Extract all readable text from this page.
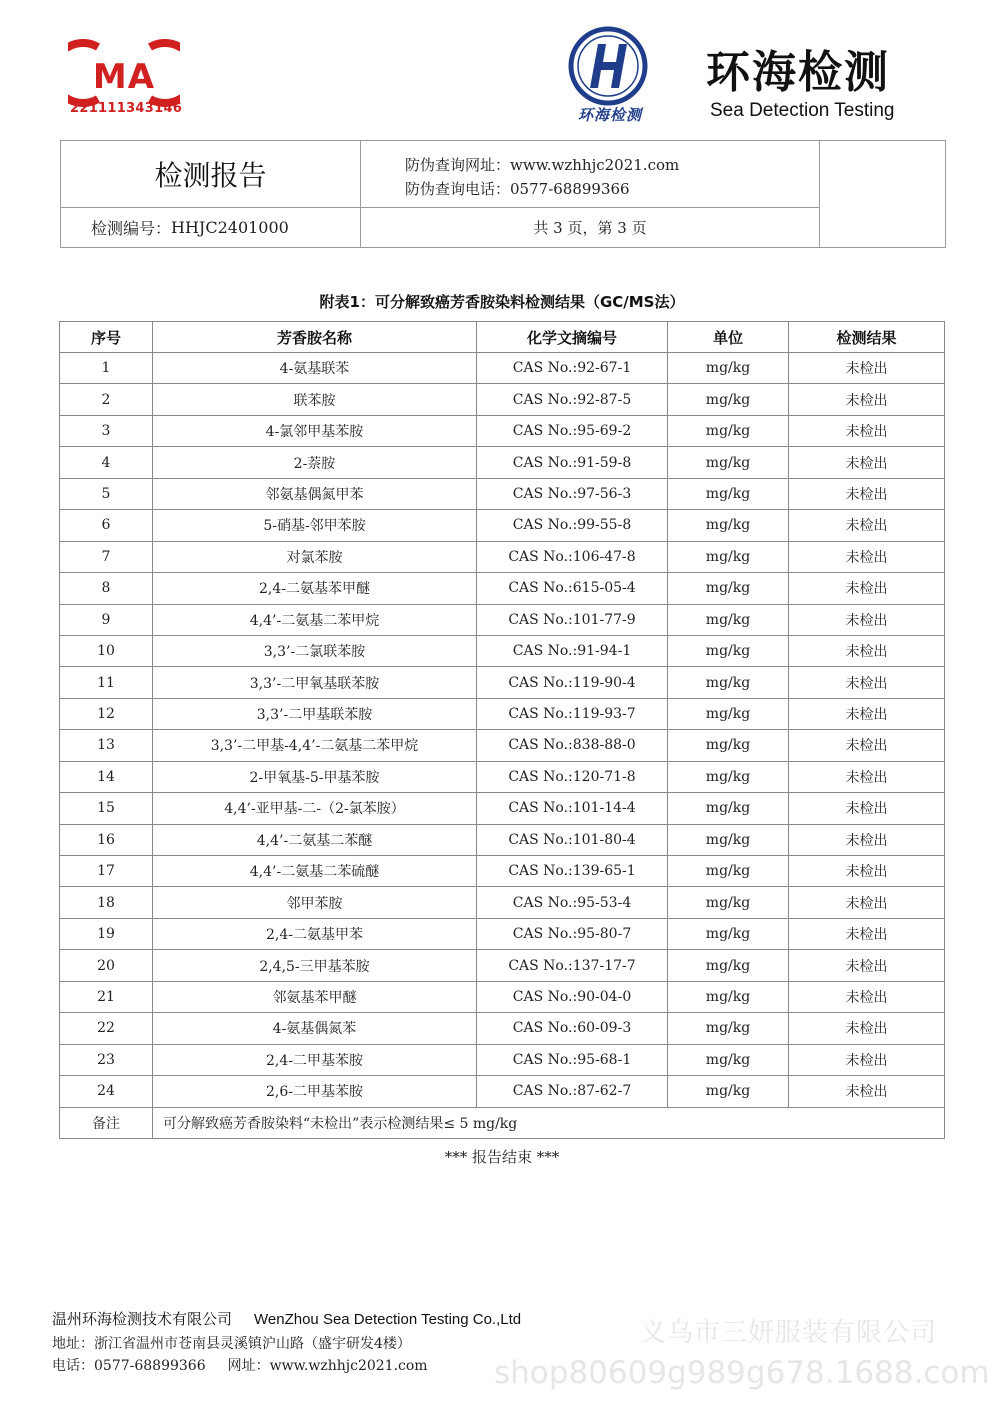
MA
221111343146	环海检测
环海检测
Sea Detection Testing
检测报告	防伪查询网址：www.wzhhjc2021.com
防伪查询电话：0577-68899366
检测编号： HHJC2401000	共 3 页，第 3 页
附表1：可分解致癌芳香胺染料检测结果（GC/MS法）
序号	芳香胺名称	化学文摘编号	单位	检测结果
1	4-氨基联苯	CAS No.:92-67-1	mg/kg	未检出
2	联苯胺	CAS No.:92-87-5	mg/kg	未检出
3	4-氯邻甲基苯胺	CAS No.:95-69-2	mg/kg	未检出
4	2-萘胺	CAS No.:91-59-8	mg/kg	未检出
5	邻氨基偶氮甲苯	CAS No.:97-56-3	mg/kg	未检出
6	5-硝基-邻甲苯胺	CAS No.:99-55-8	mg/kg	未检出
7	对氯苯胺	CAS No.:106-47-8	mg/kg	未检出
8	2,4-二氨基苯甲醚	CAS No.:615-05-4	mg/kg	未检出
9	4,4’-二氨基二苯甲烷	CAS No.:101-77-9	mg/kg	未检出
10	3,3’-二氯联苯胺	CAS No.:91-94-1	mg/kg	未检出
11	3,3’-二甲氧基联苯胺	CAS No.:119-90-4	mg/kg	未检出
12	3,3’-二甲基联苯胺	CAS No.:119-93-7	mg/kg	未检出
13	3,3’-二甲基-4,4’-二氨基二苯甲烷	CAS No.:838-88-0	mg/kg	未检出
14	2-甲氧基-5-甲基苯胺	CAS No.:120-71-8	mg/kg	未检出
15	4,4’-亚甲基-二-（2-氯苯胺）	CAS No.:101-14-4	mg/kg	未检出
16	4,4’-二氨基二苯醚	CAS No.:101-80-4	mg/kg	未检出
17	4,4’-二氨基二苯硫醚	CAS No.:139-65-1	mg/kg	未检出
18	邻甲苯胺	CAS No.:95-53-4	mg/kg	未检出
19	2,4-二氨基甲苯	CAS No.:95-80-7	mg/kg	未检出
20	2,4,5-三甲基苯胺	CAS No.:137-17-7	mg/kg	未检出
21	邻氨基苯甲醚	CAS No.:90-04-0	mg/kg	未检出
22	4-氨基偶氮苯	CAS No.:60-09-3	mg/kg	未检出
23	2,4-二甲基苯胺	CAS No.:95-68-1	mg/kg	未检出
24	2,6-二甲基苯胺	CAS No.:87-62-7	mg/kg	未检出
备注	可分解致癌芳香胺染料“未检出”表示检测结果≤ 5 mg/kg			
*** 报告结束 ***
温州环海检测技术有限公司 WenZhou Sea Detection Testing Co.,Ltd
地址：浙江省温州市苍南县灵溪镇沪山路（盛宇研发4楼）
电话：0577-68899366 网址：www.wzhhjc2021.com
义乌市三妍服装有限公司
shop80609g989g678.1688.com
